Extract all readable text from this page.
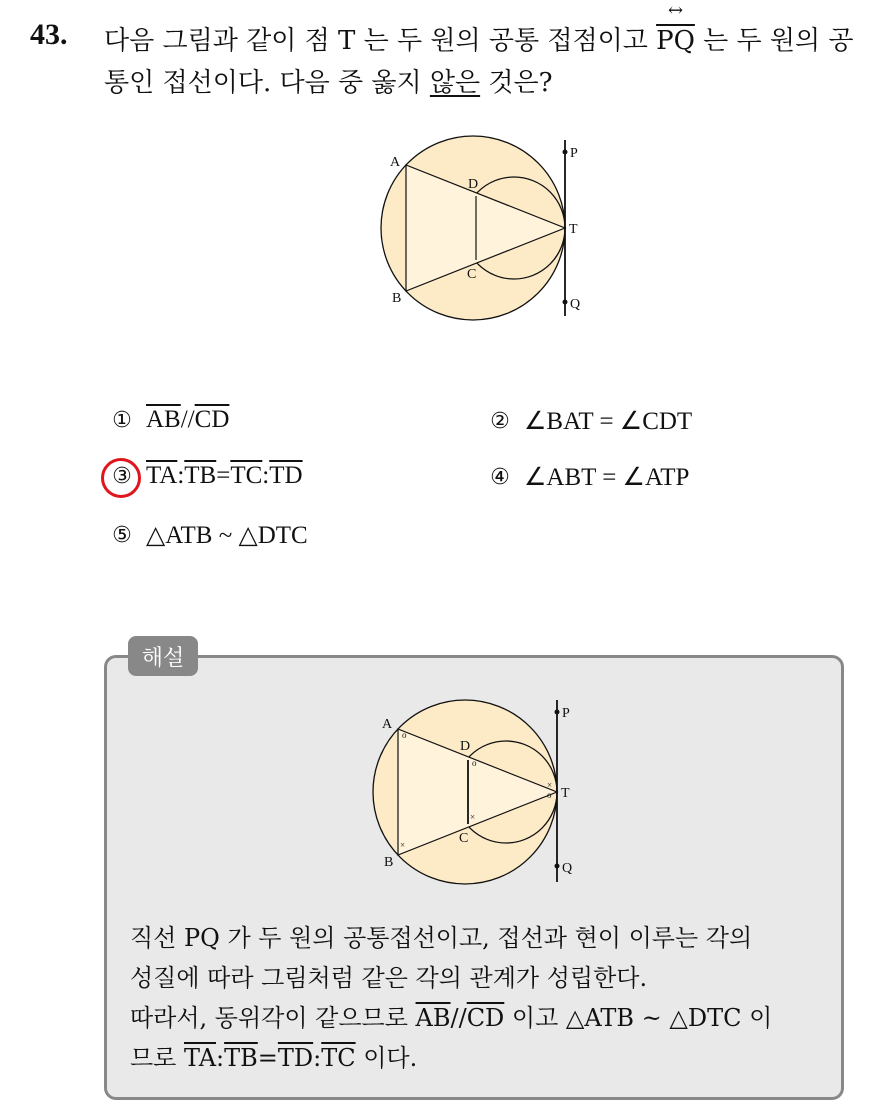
43. 다음 그림과 같이 점 T 는 두 원의 공통 접점이고 ↔ $\overline{PQ}$ 는 두 원의 공통인 접선이다. 다음 중 옳지 않은 것은?
A
B
C
D
T
P
Q
① $\overline{AB}//\overline{CD}$	② ∠BAT = ∠CDT
③ $\overline{TA}:\overline{TB}=\overline{TC}:\overline{TD}$	④ ∠ABT = ∠ATP
⑤ △ATB ~ △DTC
해설
o
o
o
×
×
×
A
B
C
D
T
P
Q
직선 PQ 가 두 원의 공통접선이고, 접선과 현이 이루는 각의
성질에 따라 그림처럼 같은 각의 관계가 성립한다.
따라서, 동위각이 같으므로 $\overline{AB}//\overline{CD}$ 이고 △ATB ~ △DTC 이
므로 $\overline{TA}:\overline{TB}=\overline{TD}:\overline{TC}$ 이다.
